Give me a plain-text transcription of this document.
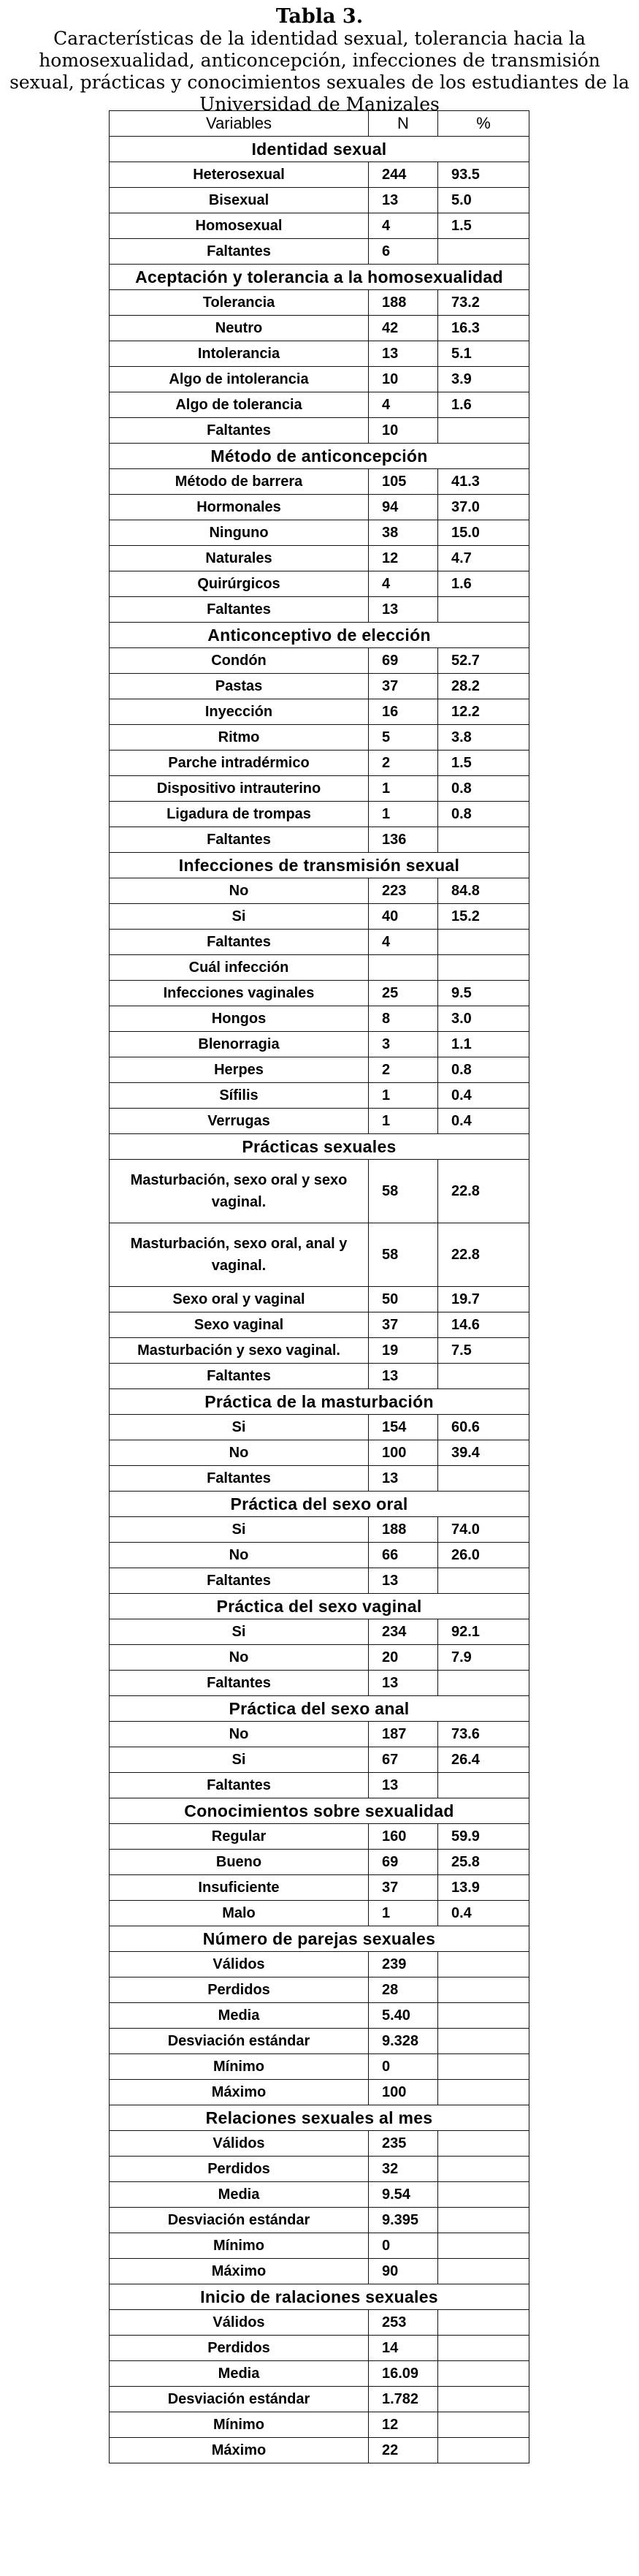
Tabla 3.
Características de la identidad sexual, tolerancia hacia la homosexualidad, anticoncepción, infecciones de transmisión sexual, prácticas y conocimientos sexuales de los estudiantes de la Universidad de Manizales
Variables	N	%
Identidad sexual		
Heterosexual	244	93.5
Bisexual	13	5.0
Homosexual	4	1.5
Faltantes	6	
Aceptación y tolerancia a la homosexualidad		
Tolerancia	188	73.2
Neutro	42	16.3
Intolerancia	13	5.1
Algo de intolerancia	10	3.9
Algo de tolerancia	4	1.6
Faltantes	10	
Método de anticoncepción		
Método de barrera	105	41.3
Hormonales	94	37.0
Ninguno	38	15.0
Naturales	12	4.7
Quirúrgicos	4	1.6
Faltantes	13	
Anticonceptivo de elección		
Condón	69	52.7
Pastas	37	28.2
Inyección	16	12.2
Ritmo	5	3.8
Parche intradérmico	2	1.5
Dispositivo intrauterino	1	0.8
Ligadura de trompas	1	0.8
Faltantes	136	
Infecciones de transmisión sexual		
No	223	84.8
Si	40	15.2
Faltantes	4	
Cuál infección		
Infecciones vaginales	25	9.5
Hongos	8	3.0
Blenorragia	3	1.1
Herpes	2	0.8
Sífilis	1	0.4
Verrugas	1	0.4
Prácticas sexuales		
Masturbación, sexo oral y sexo vaginal.	58	22.8
Masturbación, sexo oral, anal y vaginal.	58	22.8
Sexo oral y vaginal	50	19.7
Sexo vaginal	37	14.6
Masturbación y sexo vaginal.	19	7.5
Faltantes	13	
Práctica de la masturbación		
Si	154	60.6
No	100	39.4
Faltantes	13	
Práctica del sexo oral		
Si	188	74.0
No	66	26.0
Faltantes	13	
Práctica del sexo vaginal		
Si	234	92.1
No	20	7.9
Faltantes	13	
Práctica del sexo anal		
No	187	73.6
Si	67	26.4
Faltantes	13	
Conocimientos sobre sexualidad		
Regular	160	59.9
Bueno	69	25.8
Insuficiente	37	13.9
Malo	1	0.4
Número de parejas sexuales		
Válidos	239	
Perdidos	28	
Media	5.40	
Desviación estándar	9.328	
Mínimo	0	
Máximo	100	
Relaciones sexuales al mes		
Válidos	235	
Perdidos	32	
Media	9.54	
Desviación estándar	9.395	
Mínimo	0	
Máximo	90	
Inicio de ralaciones sexuales		
Válidos	253	
Perdidos	14	
Media	16.09	
Desviación estándar	1.782	
Mínimo	12	
Máximo	22	
